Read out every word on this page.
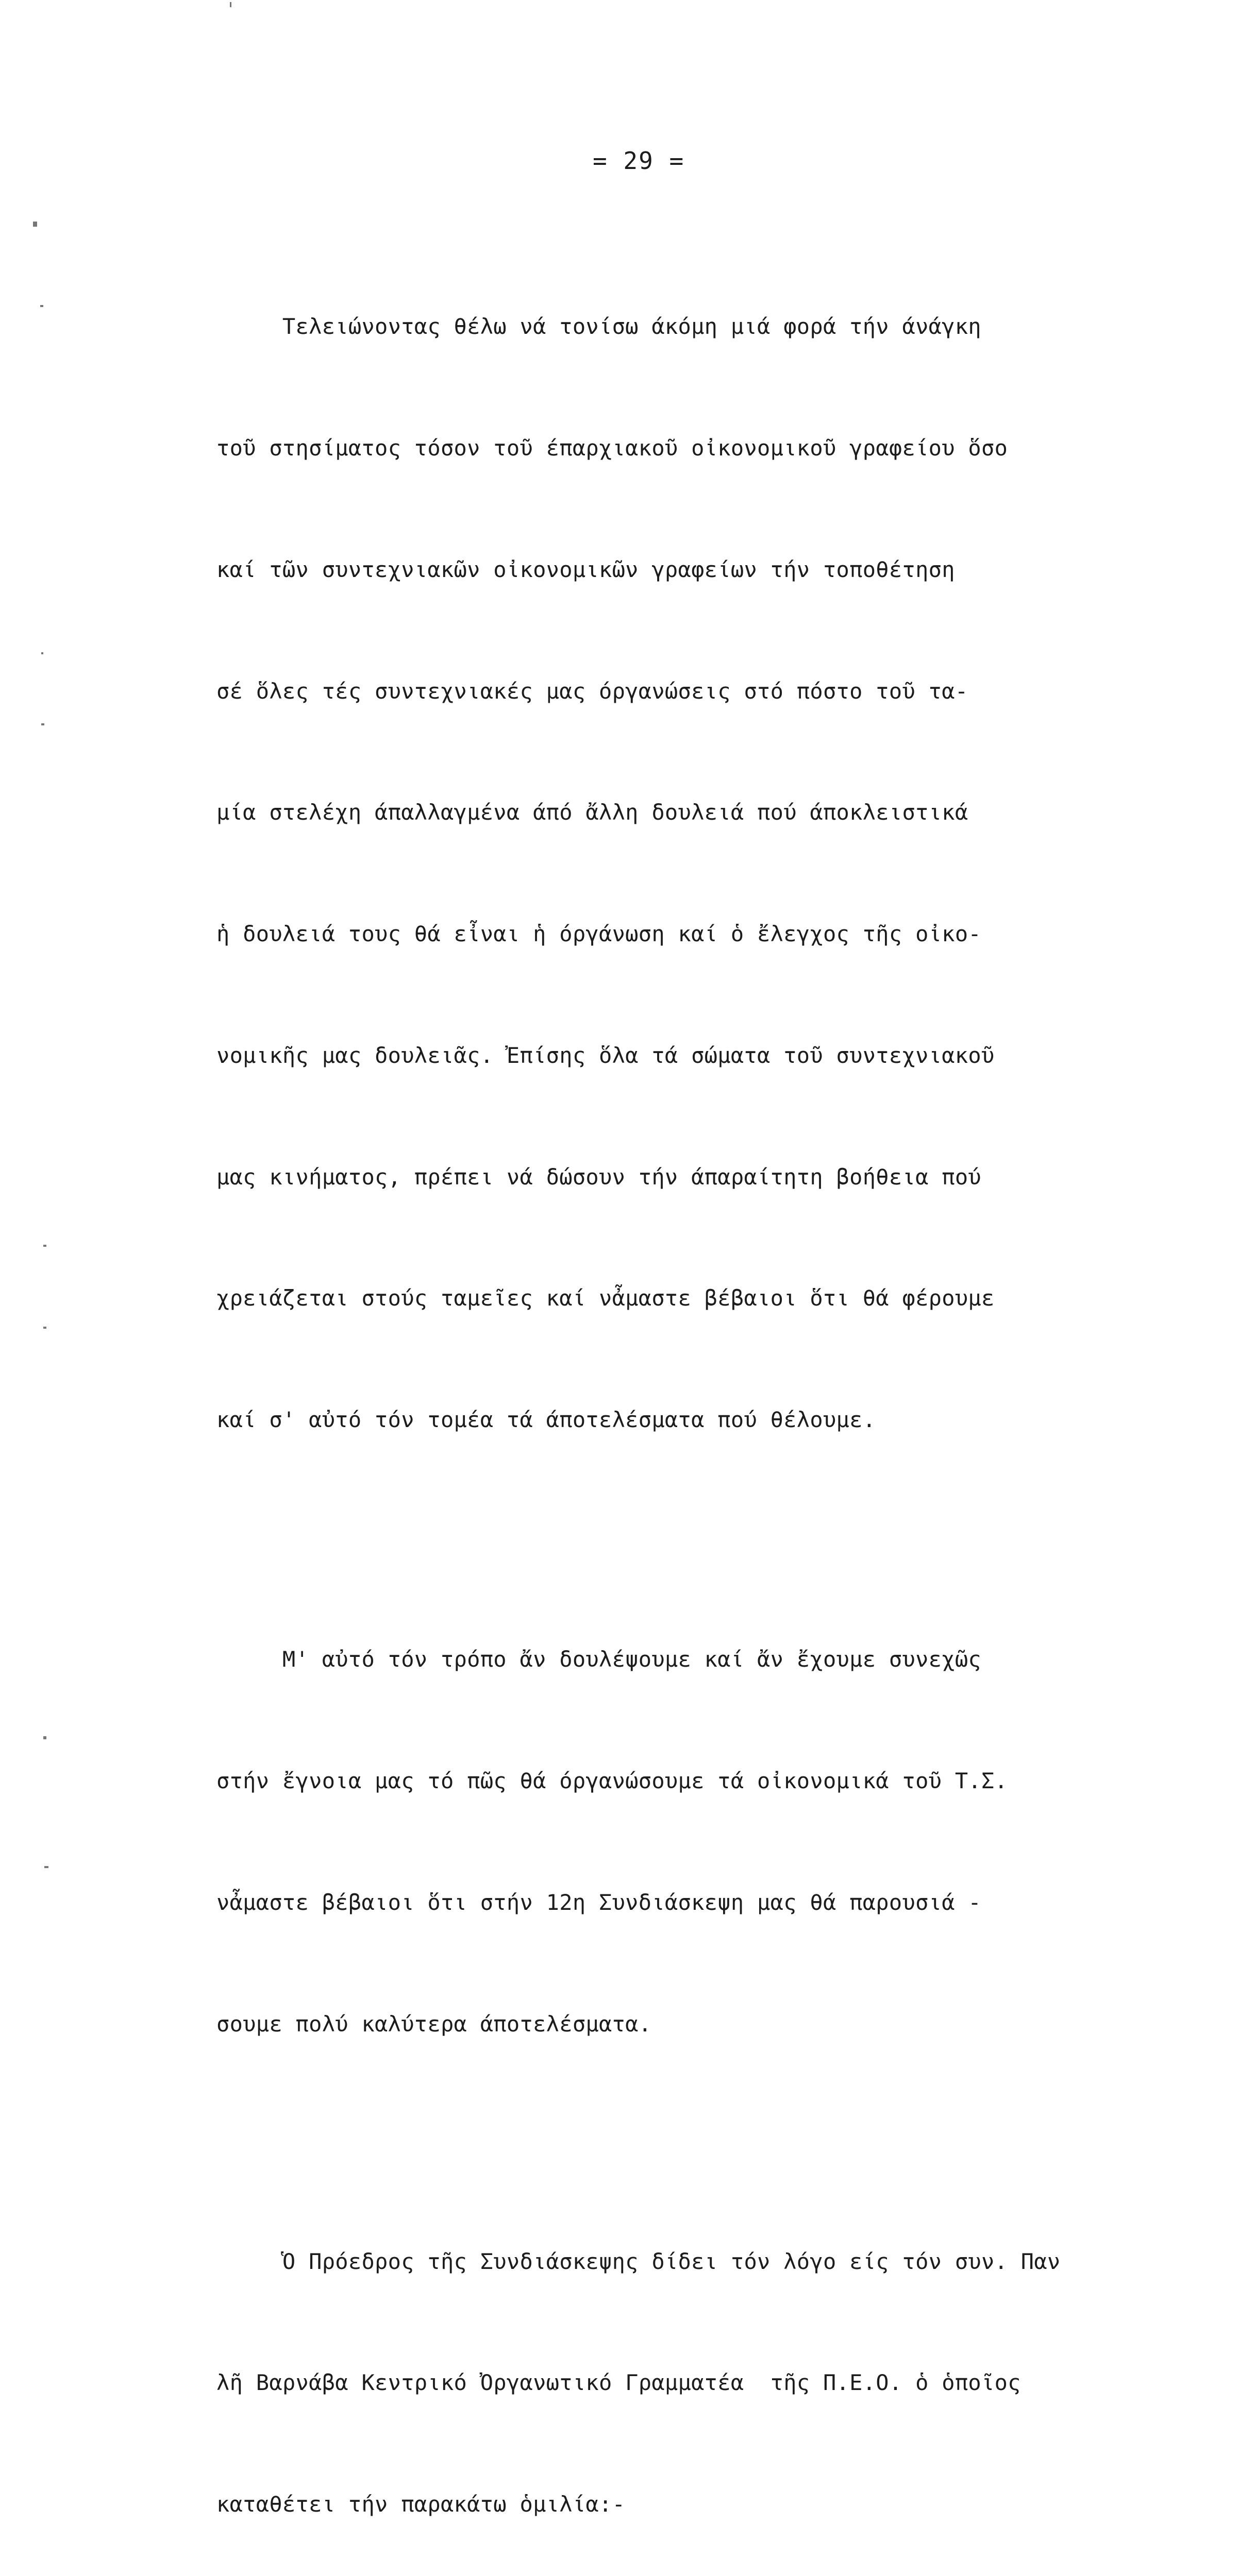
= 29 =

Τελειώνοντας θέλω νά τονίσω άκόμη μιά φορά τήν άνάγκη

τοῦ στησίματος τόσον τοῦ έπαρχιακοῦ οἰκονομικοῦ γραφείου ὅσο

καί τῶν συντεχνιακῶν οἰκονομικῶν γραφείων τήν τοποθέτηση

σέ ὅλες τές συντεχνιακές μας όργανώσεις στό πόστο τοῦ τα-

μία στελέχη άπαλλαγμένα άπό ἄλλη δουλειά πού άποκλειστικά

ἡ δουλειά τους θά εἶναι ἡ όργάνωση καί ὁ ἔλεγχος τῆς οἰκο-

νομικῆς μας δουλειᾶς. Ἐπίσης ὅλα τά σώματα τοῦ συντεχνιακοῦ

μας κινήματος, πρέπει νά δώσουν τήν άπαραίτητη βοήθεια πού

χρειάζεται στούς ταμεῖες καί νἆμαστε βέβαιοι ὅτι θά φέρουμε

καί σ' αὐτό τόν τομέα τά άποτελέσματα πού θέλουμε.

Μ' αὐτό τόν τρόπο ἄν δουλέψουμε καί ἄν ἔχουμε συνεχῶς

στήν ἔγνοια μας τό πῶς θά όργανώσουμε τά οἰκονομικά τοῦ Τ.Σ.

νἆμαστε βέβαιοι ὅτι στήν 12η Συνδιάσκεψη μας θά παρουσιά -

σουμε πολύ καλύτερα άποτελέσματα.

Ὁ Πρόεδρος τῆς Συνδιάσκεψης δίδει τόν λόγο είς τόν συν. Παν

λῆ Βαρνάβα Κεντρικό Ὀργανωτικό Γραμματέα  τῆς Π.Ε.Ο. ὁ ὁποῖος

καταθέτει τήν παρακάτω ὁμιλία:-
